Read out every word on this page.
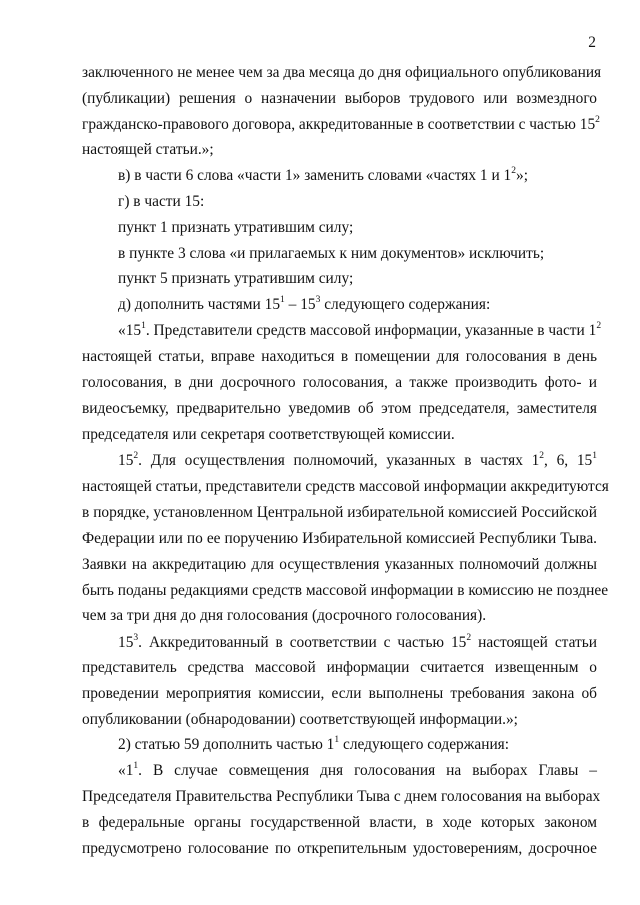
2
заключенного не менее чем за два месяца до дня официального опубликования
(публикации) решения о назначении выборов трудового или возмездного
гражданско-правового договора, аккредитованные в соответствии с частью $15^2$
настоящей статьи.»;
в) в части 6 слова «части 1» заменить словами «частях 1 и $1^2$»;
г) в части 15:
пункт 1 признать утратившим силу;
в пункте 3 слова «и прилагаемых к ним документов» исключить;
пункт 5 признать утратившим силу;
д) дополнить частями $15^1 - 15^3$ следующего содержания:
«$15^1$. Представители средств массовой информации, указанные в части $1^2$
настоящей статьи, вправе находиться в помещении для голосования в день
голосования, в дни досрочного голосования, а также производить фото- и
видеосъемку, предварительно уведомив об этом председателя, заместителя
председателя или секретаря соответствующей комиссии.
$15^2$. Для осуществления полномочий, указанных в частях $1^2$, 6, $15^1$
настоящей статьи, представители средств массовой информации аккредитуются
в порядке, установленном Центральной избирательной комиссией Российской
Федерации или по ее поручению Избирательной комиссией Республики Тыва.
Заявки на аккредитацию для осуществления указанных полномочий должны
быть поданы редакциями средств массовой информации в комиссию не позднее
чем за три дня до дня голосования (досрочного голосования).
$15^3$. Аккредитованный в соответствии с частью $15^2$ настоящей статьи
представитель средства массовой информации считается извещенным о
проведении мероприятия комиссии, если выполнены требования закона об
опубликовании (обнародовании) соответствующей информации.»;
2) статью 59 дополнить частью $1^1$ следующего содержания:
«$1^1$. В случае совмещения дня голосования на выборах Главы –
Председателя Правительства Республики Тыва с днем голосования на выборах
в федеральные органы государственной власти, в ходе которых законом
предусмотрено голосование по открепительным удостоверениям, досрочное
